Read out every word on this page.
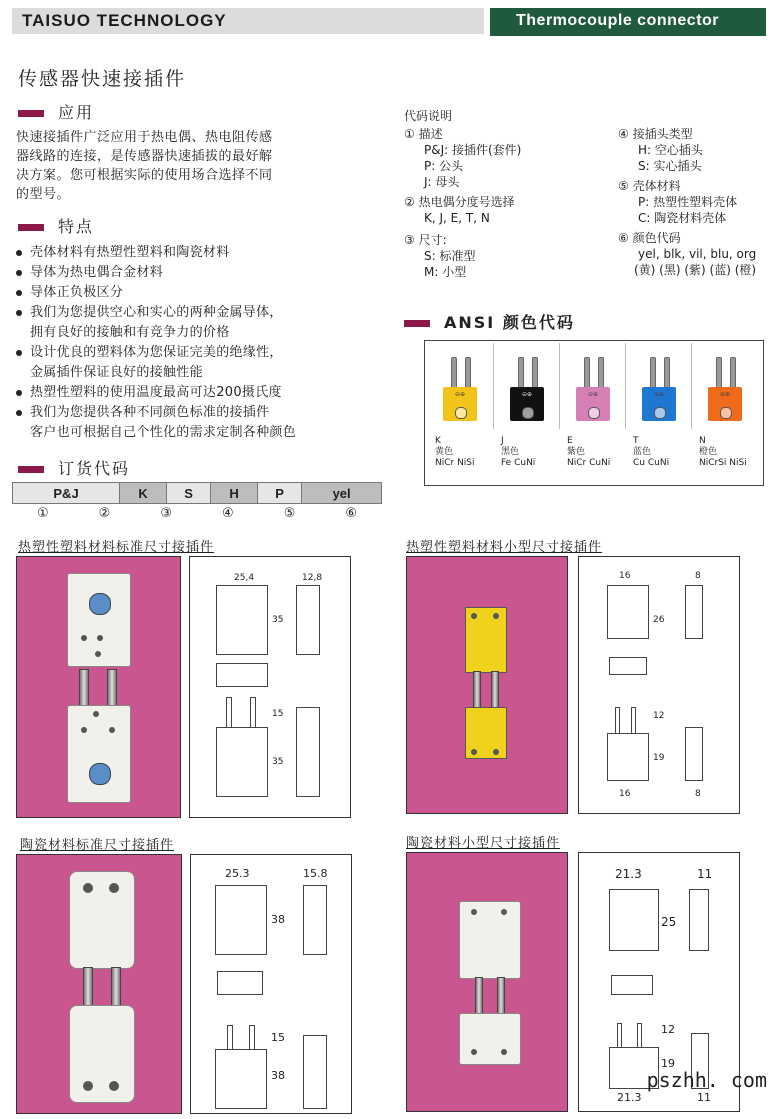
TAISUO TECHNOLOGY	Thermocouple connector
传感器快速接插件
应用
快速接插件广泛应用于热电偶、热电阻传感
器线路的连接，是传感器快速插拔的最好解
决方案。您可根据实际的使用场合选择不同
的型号。
特点
壳体材料有热塑性塑料和陶瓷材料
导体为热电偶合金材料
导体正负极区分
我们为您提供空心和实心的两种金属导体，
拥有良好的接触和有竞争力的价格
设计优良的塑料体为您保证完美的绝缘性，
金属插件保证良好的接触性能
热塑性塑料的使用温度最高可达200摄氏度
我们为您提供各种不同颜色标准的接插件
客户也可根据自己个性化的需求定制各种颜色
订货代码
P&J	K	S	H	P	yel
①	②	③	④	⑤	⑥
代码说明
① 描述
P&J: 接插件(套件)
P: 公头
J: 母头
② 热电偶分度号选择
K, J, E, T, N
③ 尺寸:
S: 标准型
M: 小型
④ 接插头类型
H: 空心插头
S: 实心插头
⑤ 壳体材料
P: 热塑性塑料壳体
C: 陶瓷材料壳体
⑥ 颜色代码
yel, blk, vil, blu, org
(黄) (黑) (紫) (蓝) (橙)
ANSI 颜色代码
⊖⊕	⊖⊕	⊖⊕	⊖⊕	⊖⊕
K
黄色
NiCr NiSi
J
黑色
Fe CuNi
E
紫色
NiCr CuNi
T
蓝色
Cu CuNi
N
橙色
NiCrSi NiSi
热塑性塑料材料标准尺寸接插件
25,4	12,8
35
15
35
热塑性塑料材料小型尺寸接插件
16	8
26
12
19
16	8
陶瓷材料标准尺寸接插件
25.3	15.8
38
15
38
陶瓷材料小型尺寸接插件
21.3	11
25
12
19
21.3	11
pszhh. com
